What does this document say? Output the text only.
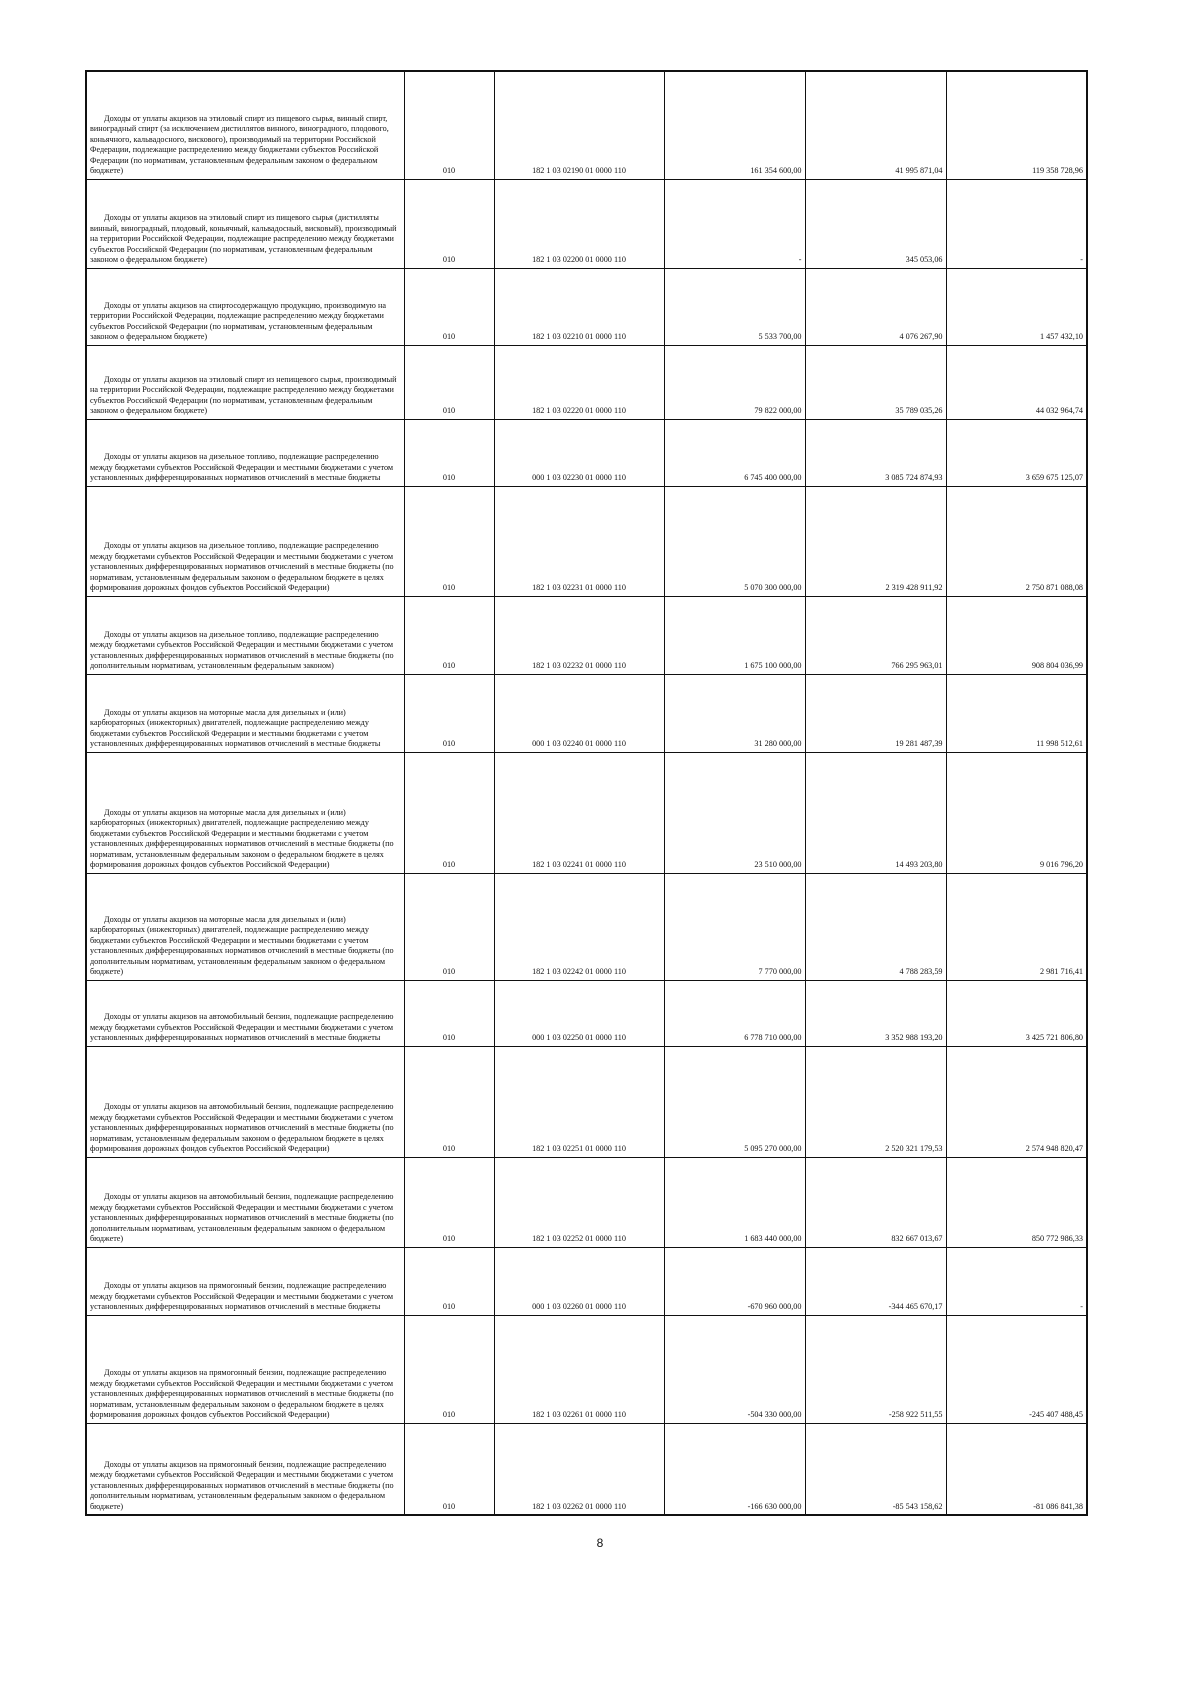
Доходы от уплаты акцизов на этиловый спирт из пищевого сырья, винный спирт, виноградный спирт (за исключением дистиллятов винного, виноградного, плодового, коньячного, кальвадосного, вискового), производимый на территории Российской Федерации, подлежащие распределению между бюджетами субъектов Российской Федерации (по нормативам, установленным федеральным законом о федеральном бюджете)	010	182 1 03 02190 01 0000 110	161 354 600,00	41 995 871,04	119 358 728,96

Доходы от уплаты акцизов на этиловый спирт из пищевого сырья (дистилляты винный, виноградный, плодовый, коньячный, кальвадосный, висковый), производимый на территории Российской Федерации, подлежащие распределению между бюджетами субъектов Российской Федерации (по нормативам, установленным федеральным законом о федеральном бюджете)	010	182 1 03 02200 01 0000 110	-	345 053,06	-

Доходы от уплаты акцизов на спиртосодержащую продукцию, производимую на территории Российской Федерации, подлежащие распределению между бюджетами субъектов Российской Федерации (по нормативам, установленным федеральным законом о федеральном бюджете)	010	182 1 03 02210 01 0000 110	5 533 700,00	4 076 267,90	1 457 432,10

Доходы от уплаты акцизов на этиловый спирт из непищевого сырья, производимый на территории Российской Федерации, подлежащие распределению между бюджетами субъектов Российской Федерации (по нормативам, установленным федеральным законом о федеральном бюджете)	010	182 1 03 02220 01 0000 110	79 822 000,00	35 789 035,26	44 032 964,74

Доходы от уплаты акцизов на дизельное топливо, подлежащие распределению между бюджетами субъектов Российской Федерации и местными бюджетами с учетом установленных дифференцированных нормативов отчислений в местные бюджеты	010	000 1 03 02230 01 0000 110	6 745 400 000,00	3 085 724 874,93	3 659 675 125,07

Доходы от уплаты акцизов на дизельное топливо, подлежащие распределению между бюджетами субъектов Российской Федерации и местными бюджетами с учетом установленных дифференцированных нормативов отчислений в местные бюджеты (по нормативам, установленным федеральным законом о федеральном бюджете в целях формирования дорожных фондов субъектов Российской Федерации)	010	182 1 03 02231 01 0000 110	5 070 300 000,00	2 319 428 911,92	2 750 871 088,08

Доходы от уплаты акцизов на дизельное топливо, подлежащие распределению между бюджетами субъектов Российской Федерации и местными бюджетами с учетом установленных дифференцированных нормативов отчислений в местные бюджеты (по дополнительным нормативам, установленным федеральным законом)	010	182 1 03 02232 01 0000 110	1 675 100 000,00	766 295 963,01	908 804 036,99

Доходы от уплаты акцизов на моторные масла для дизельных и (или) карбюраторных (инжекторных) двигателей, подлежащие распределению между бюджетами субъектов Российской Федерации и местными бюджетами с учетом установленных дифференцированных нормативов отчислений в местные бюджеты	010	000 1 03 02240 01 0000 110	31 280 000,00	19 281 487,39	11 998 512,61

Доходы от уплаты акцизов на моторные масла для дизельных и (или) карбюраторных (инжекторных) двигателей, подлежащие распределению между бюджетами субъектов Российской Федерации и местными бюджетами с учетом установленных дифференцированных нормативов отчислений в местные бюджеты (по нормативам, установленным федеральным законом о федеральном бюджете в целях формирования дорожных фондов субъектов Российской Федерации)	010	182 1 03 02241 01 0000 110	23 510 000,00	14 493 203,80	9 016 796,20

Доходы от уплаты акцизов на моторные масла для дизельных и (или) карбюраторных (инжекторных) двигателей, подлежащие распределению между бюджетами субъектов Российской Федерации и местными бюджетами с учетом установленных дифференцированных нормативов отчислений в местные бюджеты (по дополнительным нормативам, установленным федеральным законом о федеральном бюджете)	010	182 1 03 02242 01 0000 110	7 770 000,00	4 788 283,59	2 981 716,41

Доходы от уплаты акцизов на автомобильный бензин, подлежащие распределению между бюджетами субъектов Российской Федерации и местными бюджетами с учетом установленных дифференцированных нормативов отчислений в местные бюджеты	010	000 1 03 02250 01 0000 110	6 778 710 000,00	3 352 988 193,20	3 425 721 806,80

Доходы от уплаты акцизов на автомобильный бензин, подлежащие распределению между бюджетами субъектов Российской Федерации и местными бюджетами с учетом установленных дифференцированных нормативов отчислений в местные бюджеты (по нормативам, установленным федеральным законом о федеральном бюджете в целях формирования дорожных фондов субъектов Российской Федерации)	010	182 1 03 02251 01 0000 110	5 095 270 000,00	2 520 321 179,53	2 574 948 820,47

Доходы от уплаты акцизов на автомобильный бензин, подлежащие распределению между бюджетами субъектов Российской Федерации и местными бюджетами с учетом установленных дифференцированных нормативов отчислений в местные бюджеты (по дополнительным нормативам, установленным федеральным законом о федеральном бюджете)	010	182 1 03 02252 01 0000 110	1 683 440 000,00	832 667 013,67	850 772 986,33

Доходы от уплаты акцизов на прямогонный бензин, подлежащие распределению между бюджетами субъектов Российской Федерации и местными бюджетами с учетом установленных дифференцированных нормативов отчислений в местные бюджеты	010	000 1 03 02260 01 0000 110	-670 960 000,00	-344 465 670,17	-

Доходы от уплаты акцизов на прямогонный бензин, подлежащие распределению между бюджетами субъектов Российской Федерации и местными бюджетами с учетом установленных дифференцированных нормативов отчислений в местные бюджеты (по нормативам, установленным федеральным законом о федеральном бюджете в целях формирования дорожных фондов субъектов Российской Федерации)	010	182 1 03 02261 01 0000 110	-504 330 000,00	-258 922 511,55	-245 407 488,45

Доходы от уплаты акцизов на прямогонный бензин, подлежащие распределению между бюджетами субъектов Российской Федерации и местными бюджетами с учетом установленных дифференцированных нормативов отчислений в местные бюджеты (по дополнительным нормативам, установленным федеральным законом о федеральном бюджете)	010	182 1 03 02262 01 0000 110	-166 630 000,00	-85 543 158,62	-81 086 841,38
8
